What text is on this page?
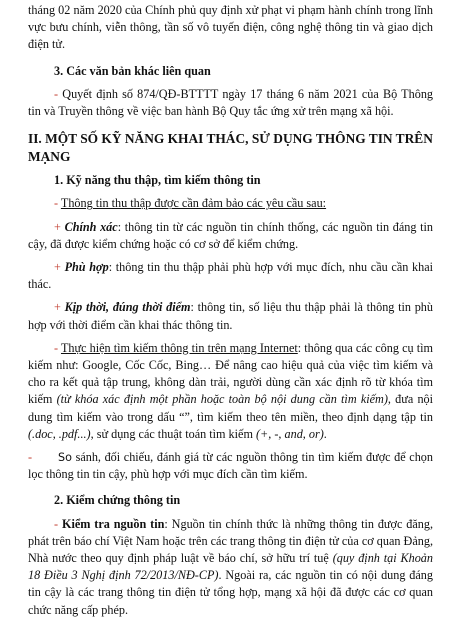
tháng 02 năm 2020 của Chính phủ quy định xử phạt vi phạm hành chính trong lĩnh vực bưu chính, viễn thông, tần số vô tuyến điện, công nghệ thông tin và giao dịch điện tử.

3. Các văn bản khác liên quan

- Quyết định số 874/QĐ-BTTTT ngày 17 tháng 6 năm 2021 của Bộ Thông tin và Truyền thông về việc ban hành Bộ Quy tắc ứng xử trên mạng xã hội.

II. MỘT SỐ KỸ NĂNG KHAI THÁC, SỬ DỤNG THÔNG TIN TRÊN MẠNG

1. Kỹ năng thu thập, tìm kiếm thông tin

- Thông tin thu thập được cần đảm bảo các yêu cầu sau:

+ Chính xác: thông tin từ các nguồn tin chính thống, các nguồn tin đáng tin cậy, đã được kiểm chứng hoặc có cơ sở để kiểm chứng.

+ Phù hợp: thông tin thu thập phải phù hợp với mục đích, nhu cầu cần khai thác.

+ Kịp thời, đúng thời điểm: thông tin, số liệu thu thập phải là thông tin phù hợp với thời điểm cần khai thác thông tin.

- Thực hiện tìm kiếm thông tin trên mạng Internet: thông qua các công cụ tìm kiếm như: Google, Cốc Cốc, Bing… Để nâng cao hiệu quả của việc tìm kiếm và cho ra kết quả tập trung, không dàn trải, người dùng cần xác định rõ từ khóa tìm kiếm (từ khóa xác định một phần hoặc toàn bộ nội dung cần tìm kiếm), đưa nội dung tìm kiếm vào trong dấu “”, tìm kiếm theo tên miền, theo định dạng tập tin (.doc, .pdf...), sử dụng các thuật toán tìm kiếm (+, -, and, or).

- So sánh, đối chiếu, đánh giá từ các nguồn thông tin tìm kiếm được để chọn lọc thông tin tin cậy, phù hợp với mục đích cần tìm kiếm.

2. Kiểm chứng thông tin

- Kiểm tra nguồn tin: Nguồn tin chính thức là những thông tin được đăng, phát trên báo chí Việt Nam hoặc trên các trang thông tin điện tử của cơ quan Đảng, Nhà nước theo quy định pháp luật về báo chí, sở hữu trí tuệ (quy định tại Khoản 18 Điều 3 Nghị định 72/2013/NĐ-CP). Ngoài ra, các nguồn tin có nội dung đáng tin cậy là các trang thông tin điện tử tổng hợp, mạng xã hội đã được các cơ quan chức năng cấp phép.
